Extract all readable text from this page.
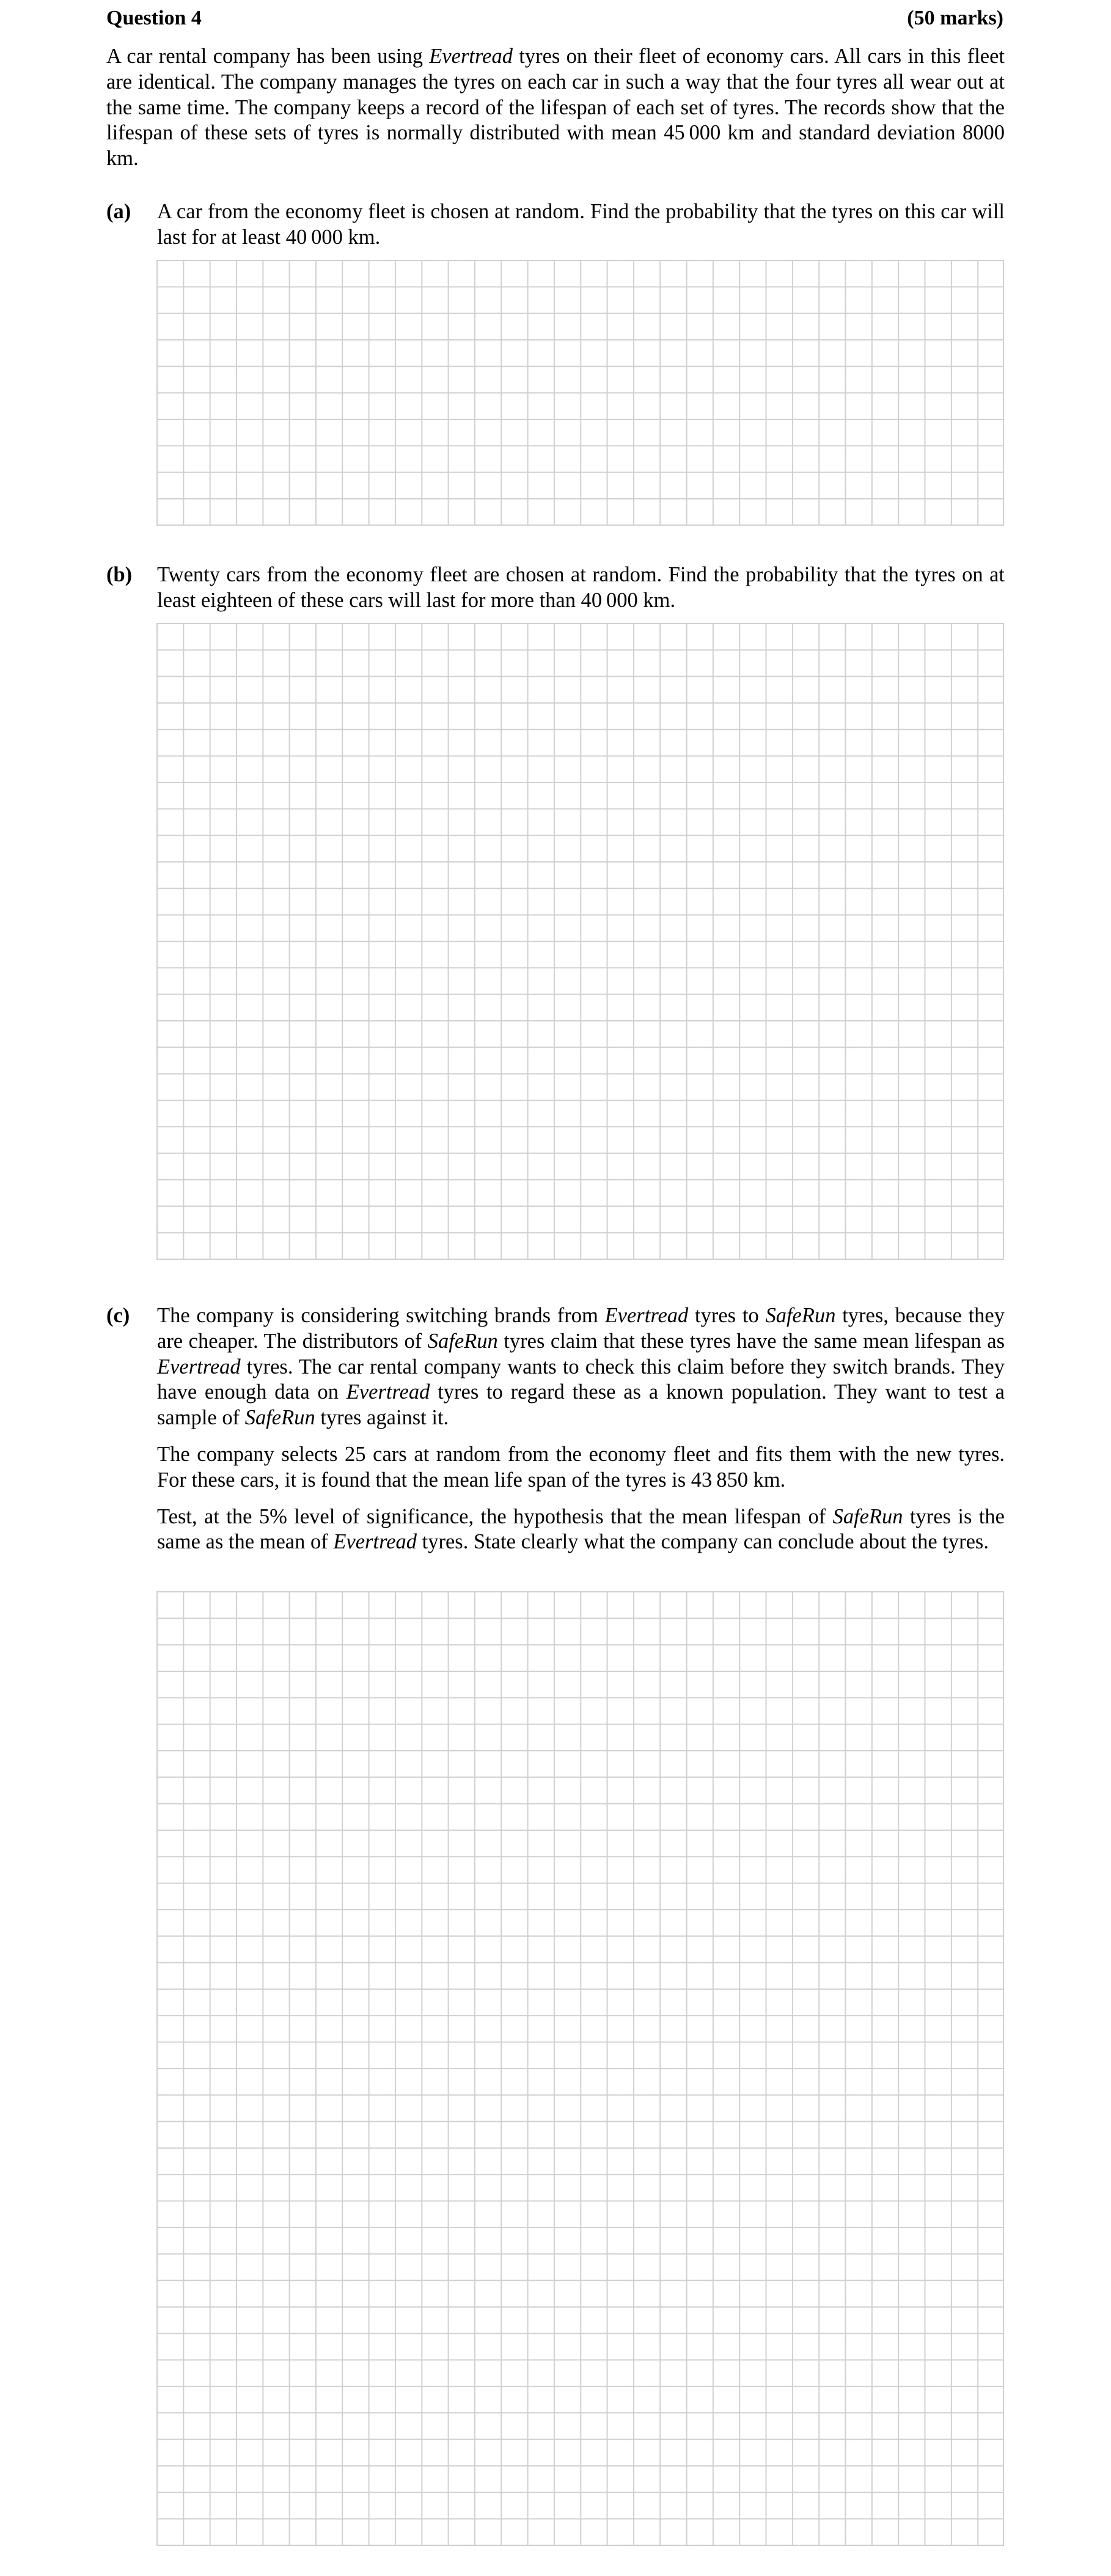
Question 4	(50 marks)
A car rental company has been using Evertread tyres on their fleet of economy cars. All cars in this fleet are identical. The company manages the tyres on each car in such a way that the four tyres all wear out at the same time. The company keeps a record of the lifespan of each set of tyres. The records show that the lifespan of these sets of tyres is normally distributed with mean 45 000 km and standard deviation 8000 km.
(a) A car from the economy fleet is chosen at random. Find the probability that the tyres on this car will last for at least 40 000 km.

(b) Twenty cars from the economy fleet are chosen at random. Find the probability that the tyres on at least eighteen of these cars will last for more than 40 000 km.

(c) The company is considering switching brands from Evertread tyres to SafeRun tyres, because they are cheaper. The distributors of SafeRun tyres claim that these tyres have the same mean lifespan as Evertread tyres. The car rental company wants to check this claim before they switch brands. They have enough data on Evertread tyres to regard these as a known population. They want to test a sample of SafeRun tyres against it.

The company selects 25 cars at random from the economy fleet and fits them with the new tyres. For these cars, it is found that the mean life span of the tyres is 43 850 km.

Test, at the 5% level of significance, the hypothesis that the mean lifespan of SafeRun tyres is the same as the mean of Evertread tyres. State clearly what the company can conclude about the tyres.
